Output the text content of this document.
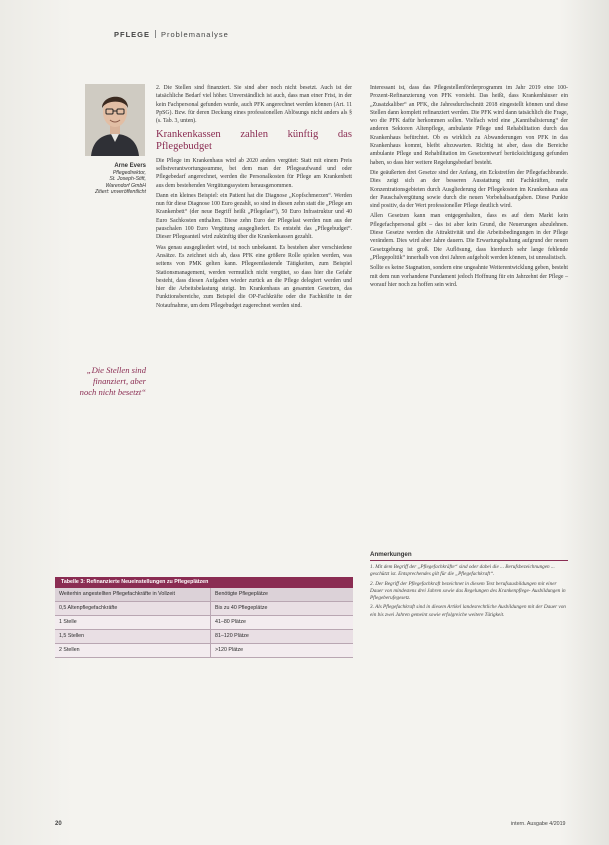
PFLEGE Problemanalyse
Arne Evers
Pflegedirektor,
St. Joseph-Stift,
Warendorf GmbH
Zitiert: unveröffentlicht
„Die Stellen sind finanziert, aber noch nicht besetzt“

2. Die Stellen sind finanziert. Sie sind aber noch nicht besetzt. Auch ist der tatsächliche Bedarf viel höher. Unverständlich ist auch, dass man einer Frist, in der kein Fachpersonal gefunden wurde, auch PFK angerechnet werden können (Art. 11 PpSG). Bzw. für deren Deckung eines professionellen Ablösungs nicht anders als § (s. Tab. 3, unten).

Krankenkassen zahlen künftig das Pflegebudget

Die Pflege im Krankenhaus wird ab 2020 anders vergütet: Statt mit einem Preis selbstverantwortungssumme, bei dem man der Pflegeaufwand und oder Pflegebedarf angerechnet, werden die Personalkosten für Pflege am Krankenbett aus dem bestehenden Vergütungssystem herausgenommen.

Dann ein kleines Beispiel: ein Patient hat die Diagnose „Kopfschmerzen“. Werden nun für diese Diagnose 100 Euro gezahlt, so sind in diesen zehn statt die „Pflege am Krankenbett“ (der neue Begriff heißt „Pflegelast“), 50 Euro Infrastruktur und 40 Euro Sachkosten enthalten. Diese zehn Euro der Pflegelast werden nun aus der pauschalen 100 Euro Vergütung ausgegliedert. Es entsteht das „Pflegebudget“. Dieser Pflegeanteil wird zukünftig über die Krankenkassen gezahlt.

Was genau ausgegliedert wird, ist noch unbekannt. Es bestehen aber verschiedene Ansätze. Es zeichnet sich ab, dass PFK eine größere Rolle spielen werden, was seitens von PMK gelten kann. Pflegeentlastende Tätigkeiten, zum Beispiel Stationsmanagement, werden vermutlich nicht vergütet, so dass hier die Gefahr besteht, dass diesen Aufgaben wieder zurück an die Pflege delegiert werden und hier die Arbeitsbelastung steigt. Im Krankenhaus an gesamten Gesetzen, das Funktionsbereiche, zum Beispiel die OP-Fachkräfte oder die Fachkräfte in der Notaufnahme, um dem Pflegebudget zugerechnet werden sind.

Interessant ist, dass das Pflegestellenförderprogramm im Jahr 2019 eine 100-Prozent-Refinanzierung von PFK vorsieht. Das heißt, dass Krankenhäuser ein „Zusatzkaliber“ an PFK, die Jahresdurchschnitt 2018 eingestellt können und diese Stellen dann komplett refinanziert werden. Die PFK wird dann tatsächlich die Frage, wo die PFK dafür herkommen sollen. Vielfach wird eine „Kannibalisierung“ der anderen Sektoren Altenpflege, ambulante Pflege und Rehabilitation durch das Krankenhaus befürchtet. Ob es wirklich zu Abwanderungen von PFK in das Krankenhaus kommt, bleibt abzuwarten. Richtig ist aber, dass die Bereiche ambulante Pflege und Rehabilitation im Gesetzentwurf berücksichtigung gefunden haben, so dass hier weitere Regelungsbedarf besteht.

Die geäußerten drei Gesetze sind der Anfang, ein Eckstreifen der Pflegefachbrande. Dies zeigt sich an der besseren Ausstattung mit Fachkräften, mehr Konzentrationsgebieten durch Ausgliederung der Pflegekosten im Krankenhaus aus der Pauschalvergütung sowie durch die neuen Vorbehaltsaufgaben. Diese Punkte sind positiv, da der Wert professioneller Pflege deutlich wird.

Allen Gesetzen kann man entgegenhalten, dass es auf dem Markt kein Pflegefachpersonal gibt – das ist aber kein Grund, die Neuerungen abzulehnen. Diese Gesetze werden die Attraktivität und die Arbeitsbedingungen in der Pflege verändern. Dies wird aber Jahre dauern. Die Erwartungshaltung aufgrund der neuen Gesetzgebung ist groß. Die Auflösung, dass hierdurch sehr lange fehlende „Pflegepolitik“ innerhalb von drei Jahren aufgeholt werden können, ist unrealistisch.

Sollte es keine Stagnation, sondern eine ungeahnte Weiterentwicklung geben, besteht mit dem nun vorhandene Fundament jedoch Hoffnung für ein Jahrzehnt der Pflege – worauf hier noch zu hoffen sein wird.

Tabelle 3: Refinanzierte Neueinstellungen zu Pflegeplätzen
Weiterhin angestellten Pflegefachkräfte in Vollzeit	Benötigte Pflegeplätze
0,5 Altenpflegefachkräfte	Bis zu 40 Pflegeplätze
1 Stelle	41–80 Plätze
1,5 Stellen	81–120 Plätze
2 Stellen	>120 Plätze
Anmerkungen

1. Mit dem Begriff der „Pflegefachkräfte“ sind oder dabei die ... Berufsbezeichnungen ... geschützt ist. Entsprechendes gilt für die „Pflegefachkraft“.

2. Der Begriff der Pflegefachkraft bezeichnet in diesem Text berufsausbildungen mit einer Dauer von mindestens drei Jahren sowie das Regelungen des Krankenpflege- Ausbildungen in Pflegeberufegesetz.

3. Als Pflegefachkraft sind in diesem Artikel landesrechtliche Ausbildungen mit der Dauer von ein bis zwei Jahren gemeint sowie erfolgreiche weitere Tätigkeit.

20	intern. Ausgabe 4/2019
